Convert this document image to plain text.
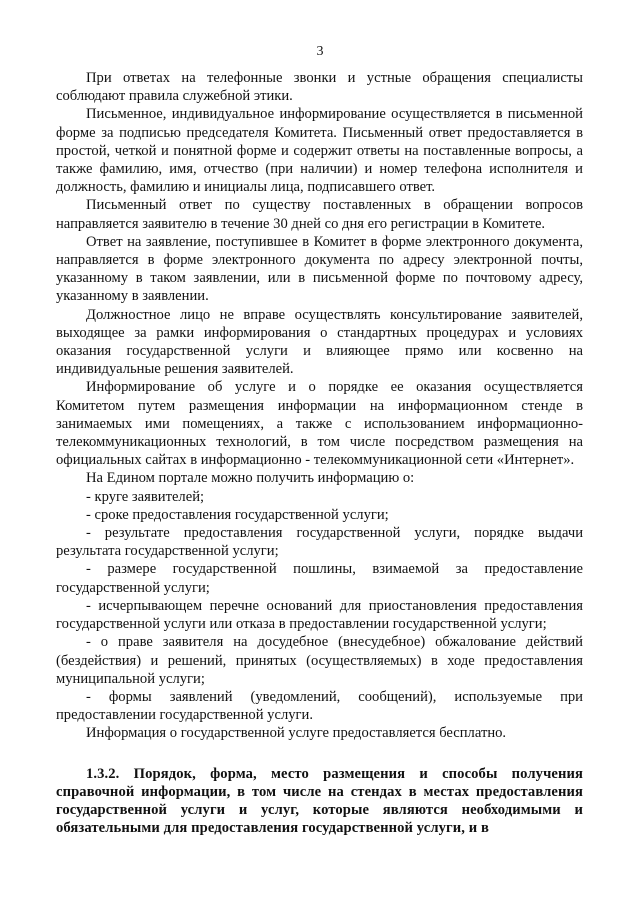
3

При ответах на телефонные звонки и устные обращения специалисты соблюдают правила служебной этики.

Письменное, индивидуальное информирование осуществляется в письменной форме за подписью председателя Комитета. Письменный ответ предоставляется в простой, четкой и понятной форме и содержит ответы на поставленные вопросы, а также фамилию, имя, отчество (при наличии) и номер телефона исполнителя и должность, фамилию и инициалы лица, подписавшего ответ.

Письменный ответ по существу поставленных в обращении вопросов направляется заявителю в течение 30 дней со дня его регистрации в Комитете.

Ответ на заявление, поступившее в Комитет в форме электронного документа, направляется в форме электронного документа по адресу электронной почты, указанному в таком заявлении, или в письменной форме по почтовому адресу, указанному в заявлении.

Должностное лицо не вправе осуществлять консультирование заявителей, выходящее за рамки информирования о стандартных процедурах и условиях оказания государственной услуги и влияющее прямо или косвенно на индивидуальные решения заявителей.

Информирование об услуге и о порядке ее оказания осуществляется Комитетом путем размещения информации на информационном стенде в занимаемых ими помещениях, а также с использованием информационно-телекоммуникационных технологий, в том числе посредством размещения на официальных сайтах в информационно - телекоммуникационной сети «Интернет».

На Едином портале можно получить информацию о:

- круге заявителей;

- сроке предоставления государственной услуги;

- результате предоставления государственной услуги, порядке выдачи результата государственной услуги;

- размере государственной пошлины, взимаемой за предоставление государственной услуги;

- исчерпывающем перечне оснований для приостановления предоставления государственной услуги или отказа в предоставлении государственной услуги;

- о праве заявителя на досудебное (внесудебное) обжалование действий (бездействия) и решений, принятых (осуществляемых) в ходе предоставления муниципальной услуги;

- формы заявлений (уведомлений, сообщений), используемые при предоставлении государственной услуги.

Информация о государственной услуге предоставляется бесплатно.

1.3.2. Порядок, форма, место размещения и способы получения справочной информации, в том числе на стендах в местах предоставления государственной услуги и услуг, которые являются необходимыми и обязательными для предоставления государственной услуги, и в
